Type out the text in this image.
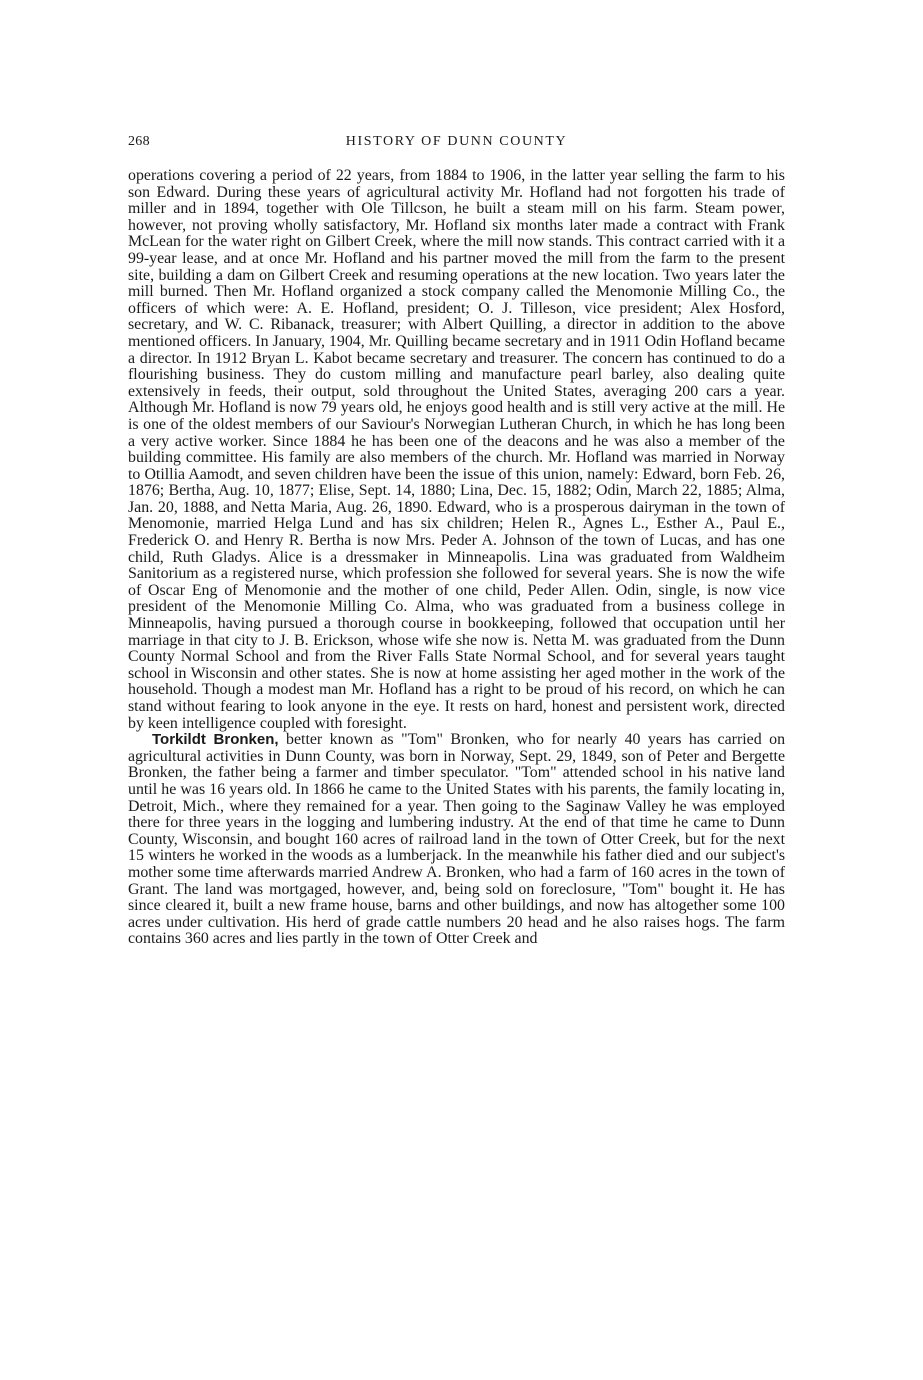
268	HISTORY OF DUNN COUNTY

operations covering a period of 22 years, from 1884 to 1906, in the latter year selling the farm to his son Edward. During these years of agricultural activity Mr. Hofland had not forgotten his trade of miller and in 1894, together with Ole Tillcson, he built a steam mill on his farm. Steam power, however, not proving wholly satisfactory, Mr. Hofland six months later made a contract with Frank McLean for the water right on Gilbert Creek, where the mill now stands. This contract carried with it a 99-year lease, and at once Mr. Hofland and his partner moved the mill from the farm to the present site, building a dam on Gilbert Creek and resuming operations at the new location. Two years later the mill burned. Then Mr. Hofland organized a stock company called the Menomonie Milling Co., the officers of which were: A. E. Hofland, president; O. J. Tilleson, vice president; Alex Hosford, secretary, and W. C. Ribanack, treasurer; with Albert Quilling, a director in addition to the above mentioned officers. In January, 1904, Mr. Quilling became secretary and in 1911 Odin Hofland became a director. In 1912 Bryan L. Kabot became secretary and treasurer. The concern has continued to do a flourishing business. They do custom milling and manufacture pearl barley, also dealing quite extensively in feeds, their output, sold throughout the United States, averaging 200 cars a year. Although Mr. Hofland is now 79 years old, he enjoys good health and is still very active at the mill. He is one of the oldest members of our Saviour's Norwegian Lutheran Church, in which he has long been a very active worker. Since 1884 he has been one of the deacons and he was also a member of the building committee. His family are also members of the church. Mr. Hofland was married in Norway to Otillia Aamodt, and seven children have been the issue of this union, namely: Edward, born Feb. 26, 1876; Bertha, Aug. 10, 1877; Elise, Sept. 14, 1880; Lina, Dec. 15, 1882; Odin, March 22, 1885; Alma, Jan. 20, 1888, and Netta Maria, Aug. 26, 1890. Edward, who is a prosperous dairyman in the town of Menomonie, married Helga Lund and has six children; Helen R., Agnes L., Esther A., Paul E., Frederick O. and Henry R. Bertha is now Mrs. Peder A. Johnson of the town of Lucas, and has one child, Ruth Gladys. Alice is a dressmaker in Minneapolis. Lina was graduated from Waldheim Sanitorium as a registered nurse, which profession she followed for several years. She is now the wife of Oscar Eng of Menomonie and the mother of one child, Peder Allen. Odin, single, is now vice president of the Menomonie Milling Co. Alma, who was graduated from a business college in Minneapolis, having pursued a thorough course in bookkeeping, followed that occupation until her marriage in that city to J. B. Erickson, whose wife she now is. Netta M. was graduated from the Dunn County Normal School and from the River Falls State Normal School, and for several years taught school in Wisconsin and other states. She is now at home assisting her aged mother in the work of the household. Though a modest man Mr. Hofland has a right to be proud of his record, on which he can stand without fearing to look anyone in the eye. It rests on hard, honest and persistent work, directed by keen intelligence coupled with foresight.

Torkildt Bronken, better known as "Tom" Bronken, who for nearly 40 years has carried on agricultural activities in Dunn County, was born in Norway, Sept. 29, 1849, son of Peter and Bergette Bronken, the father being a farmer and timber speculator. "Tom" attended school in his native land until he was 16 years old. In 1866 he came to the United States with his parents, the family locating in, Detroit, Mich., where they remained for a year. Then going to the Saginaw Valley he was employed there for three years in the logging and lumbering industry. At the end of that time he came to Dunn County, Wisconsin, and bought 160 acres of railroad land in the town of Otter Creek, but for the next 15 winters he worked in the woods as a lumberjack. In the meanwhile his father died and our subject's mother some time afterwards married Andrew A. Bronken, who had a farm of 160 acres in the town of Grant. The land was mortgaged, however, and, being sold on foreclosure, "Tom" bought it. He has since cleared it, built a new frame house, barns and other buildings, and now has altogether some 100 acres under cultivation. His herd of grade cattle numbers 20 head and he also raises hogs. The farm contains 360 acres and lies partly in the town of Otter Creek and
